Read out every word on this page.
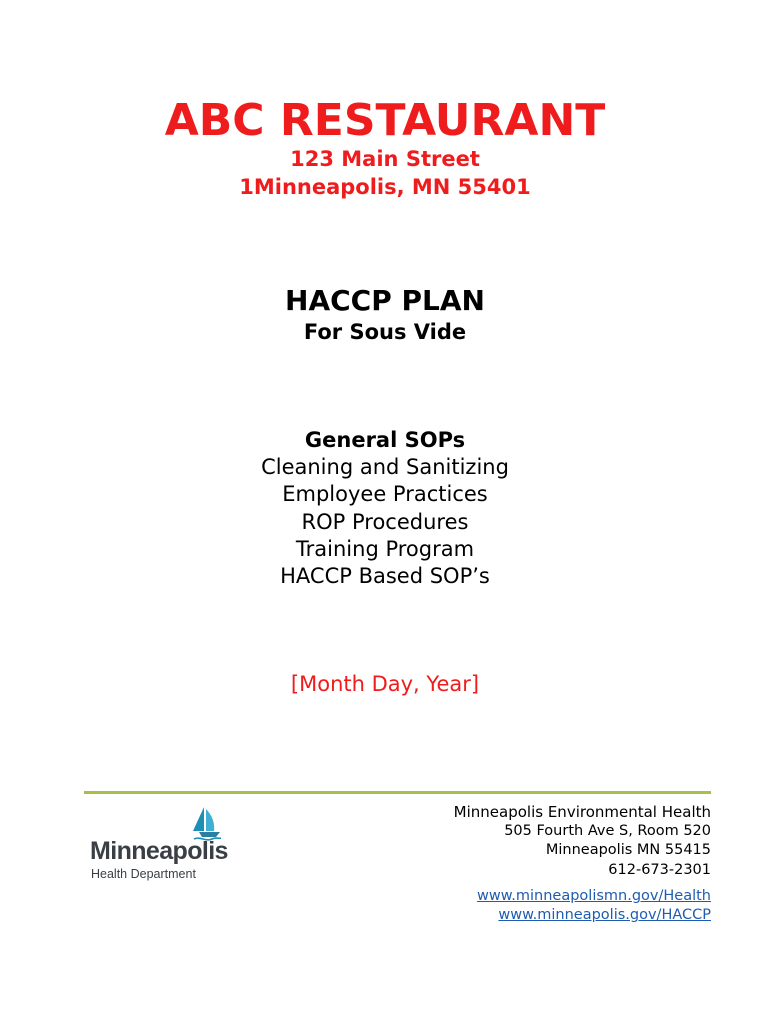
ABC RESTAURANT

123 Main Street

1Minneapolis, MN 55401

HACCP PLAN

For Sous Vide

General SOPs
Cleaning and Sanitizing
Employee Practices
ROP Procedures
Training Program
HACCP Based SOP’s

[Month Day, Year]

Minneapolis
Health Department
Minneapolis Environmental Health
505 Fourth Ave S, Room 520
Minneapolis MN 55415
612-673-2301
www.minneapolismn.gov/Health
www.minneapolis.gov/HACCP
